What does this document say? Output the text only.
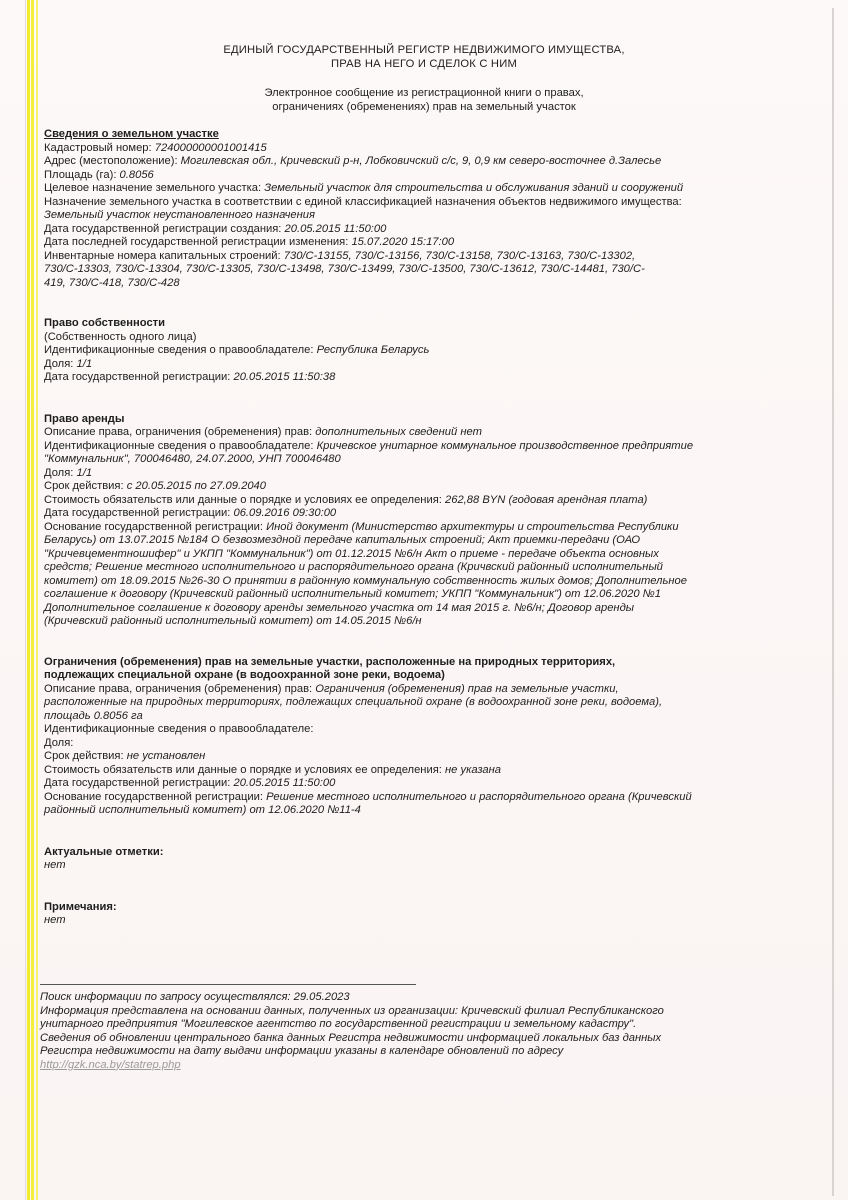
ЕДИНЫЙ ГОСУДАРСТВЕННЫЙ РЕГИСТР НЕДВИЖИМОГО ИМУЩЕСТВА,
ПРАВ НА НЕГО И СДЕЛОК С НИМ
Электронное сообщение из регистрационной книги о правах,
ограничениях (обременениях) прав на земельный участок

Сведения о земельном участке

Кадастровый номер: 724000000001001415

Адрес (местоположение): Могилевская обл., Кричевский р-н, Лобковичский с/с, 9, 0,9 км северо-восточнее д.Залесье

Площадь (га): 0.8056

Целевое назначение земельного участка: Земельный участок для строительства и обслуживания зданий и сооружений

Назначение земельного участка в соответствии с единой классификацией назначения объектов недвижимого имущества:

Земельный участок неустановленного назначения

Дата государственной регистрации создания: 20.05.2015 11:50:00

Дата последней государственной регистрации изменения: 15.07.2020 15:17:00

Инвентарные номера капитальных строений: 730/С-13155, 730/С-13156, 730/С-13158, 730/С-13163, 730/С-13302,

730/С-13303, 730/С-13304, 730/С-13305, 730/С-13498, 730/С-13499, 730/С-13500, 730/С-13612, 730/С-14481, 730/С-

419, 730/С-418, 730/С-428

Право собственности

(Собственность одного лица)

Идентификационные сведения о правообладателе: Республика Беларусь

Доля: 1/1

Дата государственной регистрации: 20.05.2015 11:50:38

Право аренды

Описание права, ограничения (обременения) прав: дополнительных сведений нет

Идентификационные сведения о правообладателе: Кричевское унитарное коммунальное производственное предприятие

"Коммунальник", 700046480, 24.07.2000, УНП 700046480

Доля: 1/1

Срок действия: с 20.05.2015 по 27.09.2040

Стоимость обязательств или данные о порядке и условиях ее определения: 262,88 BYN (годовая арендная плата)

Дата государственной регистрации: 06.09.2016 09:30:00

Основание государственной регистрации: Иной документ (Министерство архитектуры и строительства Республики

Беларусь) от 13.07.2015 №184 О безвозмездной передаче капитальных строений; Акт приемки-передачи (ОАО

"Кричевцементношифер" и УКПП "Коммунальник") от 01.12.2015 №6/н Акт о приеме - передаче объекта основных

средств; Решение местного исполнительного и распорядительного органа (Кричвский районный исполнительный

комитет) от 18.09.2015 №26-30 О принятии в районную коммунальную собственность жилых домов; Дополнительное

соглашение к договору (Кричевский районный исполнительный комитет; УКПП "Коммунальник") от 12.06.2020 №1

Дополнительное соглашение к договору аренды земельного участка от 14 мая 2015 г. №6/н; Договор аренды

(Кричевский районный исполнительный комитет) от 14.05.2015 №6/н

Ограничения (обременения) прав на земельные участки, расположенные на природных территориях,

подлежащих специальной охране (в водоохранной зоне реки, водоема)

Описание права, ограничения (обременения) прав: Ограничения (обременения) прав на земельные участки,

расположенные на природных территориях, подлежащих специальной охране (в водоохранной зоне реки, водоема),

площадь 0.8056 га

Идентификационные сведения о правообладателе:

Доля:

Срок действия: не установлен

Стоимость обязательств или данные о порядке и условиях ее определения: не указана

Дата государственной регистрации: 20.05.2015 11:50:00

Основание государственной регистрации: Решение местного исполнительного и распорядительного органа (Кричевский

районный исполнительный комитет) от 12.06.2020 №11-4

Актуальные отметки:

нет

Примечания:

нет

Поиск информации по запросу осуществлялся: 29.05.2023
Информация представлена на основании данных, полученных из организации: Кричевский филиал Республиканского
унитарного предприятия "Могилевское агентство по государственной регистрации и земельному кадастру".
Сведения об обновлении центрального банка данных Регистра недвижимости информацией локальных баз данных
Регистра недвижимости на дату выдачи информации указаны в календаре обновлений по адресу
http://gzk.nca.by/statrep.php
